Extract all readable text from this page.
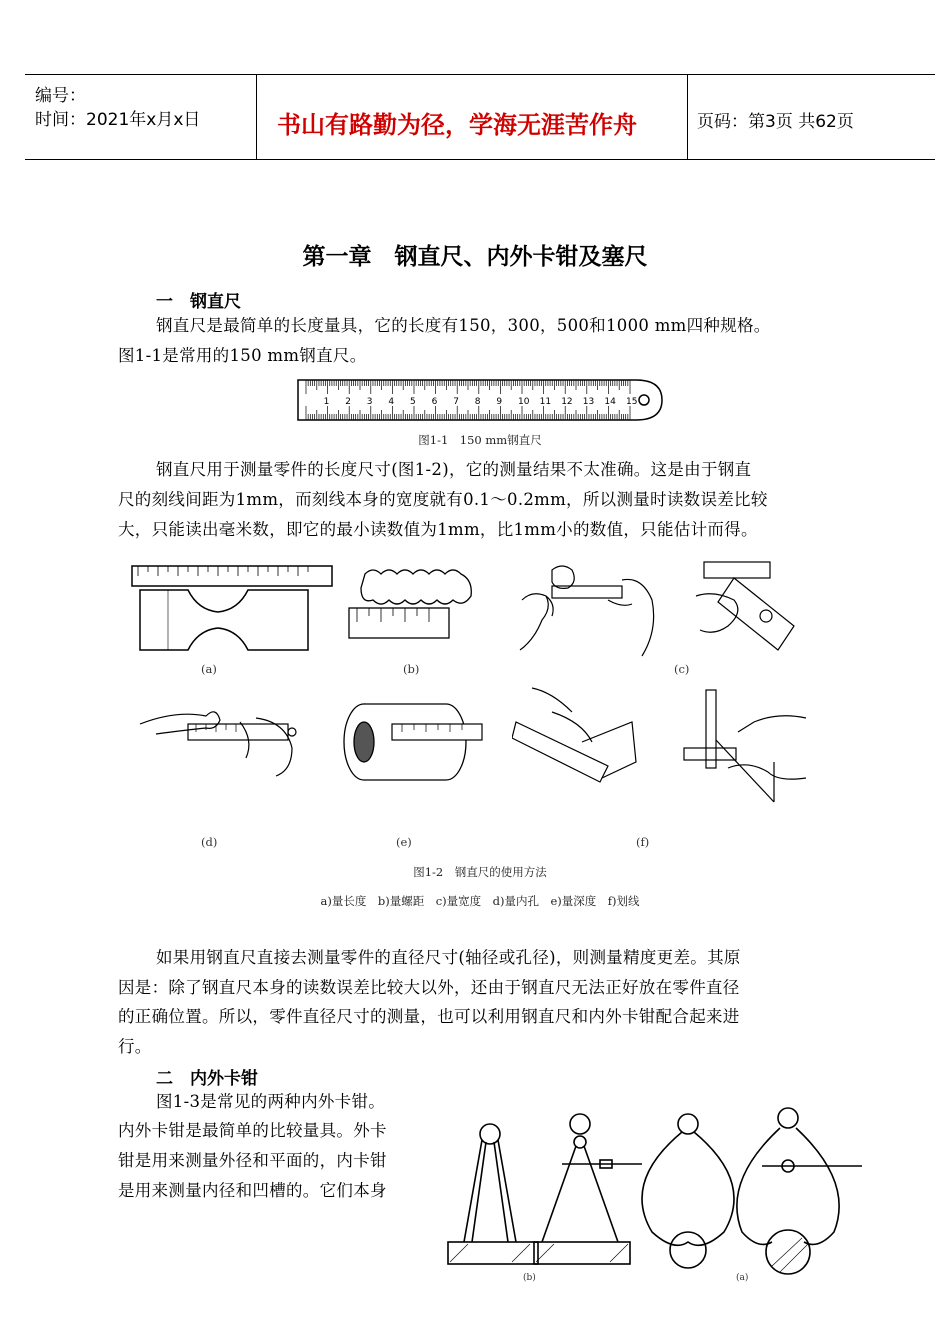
编号：
时间：2021年x月x日	书山有路勤为径，学海无涯苦作舟	页码：第3页 共62页
第一章　钢直尺、内外卡钳及塞尺
一　钢直尺
钢直尺是最简单的长度量具，它的长度有150，300，500和1000 mm四种规格。
图1-1是常用的150 mm钢直尺。
1 2 3 4 5 6 7 8 9 10 11 12 13 14 15
图1-1　150 mm钢直尺
钢直尺用于测量零件的长度尺寸(图1-2)，它的测量结果不太准确。这是由于钢直
尺的刻线间距为1mm，而刻线本身的宽度就有0.1～0.2mm，所以测量时读数误差比较
大，只能读出毫米数，即它的最小读数值为1mm，比1mm小的数值，只能估计而得。
(a)	(b)	(c)
(d)	(e)	(f)
图1-2　钢直尺的使用方法
a)量长度　b)量螺距　c)量宽度　d)量内孔　e)量深度　f)划线
如果用钢直尺直接去测量零件的直径尺寸(轴径或孔径)，则测量精度更差。其原
因是：除了钢直尺本身的读数误差比较大以外，还由于钢直尺无法正好放在零件直径
的正确位置。所以，零件直径尺寸的测量，也可以利用钢直尺和内外卡钳配合起来进
行。
二　内外卡钳
图1-3是常见的两种内外卡钳。
内外卡钳是最简单的比较量具。外卡
钳是用来测量外径和平面的，内卡钳
是用来测量内径和凹槽的。它们本身
(b)	(a)
